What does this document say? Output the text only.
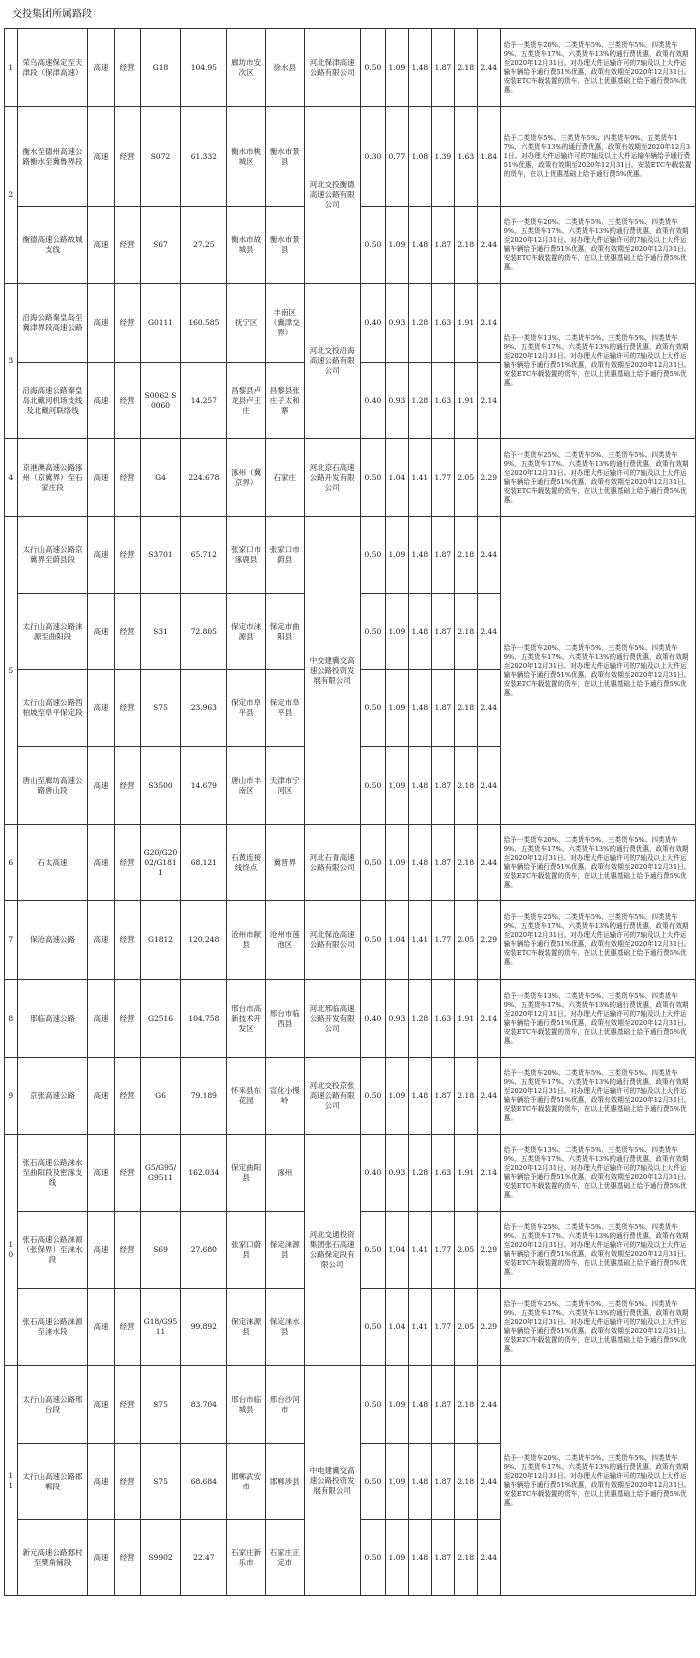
交投集团所属路段
1	荣乌高速保定至天津段（保津高速）	高速	经营	G18	104.95	廊坊市安次区	徐水县	河北保津高速公路有限公司	0.50	1.09	1.48	1.87	2.18	2.44	给予一类货车20%、二类货车5%、三类货车5%、四类货车9%、五类货车17%、六类货车13%的通行费优惠，政策有效期至2020年12月31日。对办理大件运输许可的7轴及以上大件运输车辆给予通行费51%优惠，政策有效期至2020年12月31日。安装ETC车载装置的货车，在以上优惠基础上给予通行费5%优惠。
2	衡水至德州高速公路衡水至冀鲁界段	高速	经营	S072	61.332	衡水市桃城区	衡水市景县	河北交投衡德高速公路有限公司	0.30	0.77	1.08	1.39	1.63	1.84	给予二类货车5%、三类货车5%、四类货车9%、五类货车17%、六类货车13%的通行费优惠，政策有效期至2020年12月31日。对办理大件运输许可的7轴及以上大件运输车辆给予通行费51%优惠，政策有效期至2020年12月31日。安装ETC车载装置的货车，在以上优惠基础上给予通行费5%优惠。
	衡德高速公路故城支线	高速	经营	S67	27.25	衡水市故城县	衡水市景县		0.50	1.09	1.48	1.87	2.18	2.44	给予一类货车20%、二类货车5%、三类货车5%、四类货车9%、五类货车17%、六类货车13%的通行费优惠，政策有效期至2020年12月31日。对办理大件运输许可的7轴及以上大件运输车辆给予通行费51%优惠，政策有效期至2020年12月31日。安装ETC车载装置的货车，在以上优惠基础上给予通行费5%优惠。
3	沿海公路秦皇岛至冀津界段高速公路	高速	经营	G0111	160.585	抚宁区	丰南区（冀津交界）	河北交投沿海高速公路有限公司	0.40	0.93	1.28	1.63	1.91	2.14	给予一类货车13%、二类货车5%、三类货车5%、四类货车9%、五类货车17%、六类货车13%的通行费优惠，政策有效期至2020年12月31日。对办理大件运输许可的7轴及以上大件运输车辆给予通行费51%优惠，政策有效期至2020年12月31日。安装ETC车载装置的货车，在以上优惠基础上给予通行费5%优惠。
	沿海高速公路秦皇岛北戴河机场支线及北戴河联络线	高速	经营	S0062 S0060	14.257	昌黎县卢龙县卢王庄	昌黎县张庄子太和寨		0.40	0.93	1.28	1.63	1.91	2.14	
4	京港澳高速公路涿州（京冀界）至石家庄段	高速	经营	G4	224.678	涿州（冀京界）	石家庄	河北京石高速公路开发有限公司	0.50	1.04	1.41	1.77	2.05	2.29	给予一类货车25%、二类货车5%、三类货车5%、四类货车9%、五类货车17%、六类货车13%的通行费优惠，政策有效期至2020年12月31日。对办理大件运输许可的7轴及以上大件运输车辆给予通行费51%优惠，政策有效期至2020年12月31日。安装ETC车载装置的货车，在以上优惠基础上给予通行费5%优惠。
5	太行山高速公路京冀界至蔚县段	高速	经营	S3701	65.712	张家口市涿鹿县	张家口市蔚县	中交建冀交高速公路投资发展有限公司	0.50	1.09	1.48	1.87	2.18	2.44	给予一类货车20%、二类货车5%、三类货车5%、四类货车9%、五类货车17%、六类货车13%的通行费优惠，政策有效期至2020年12月31日。对办理大件运输许可的7轴及以上大件运输车辆给予通行费51%优惠，政策有效期至2020年12月31日。安装ETC车载装置的货车，在以上优惠基础上给予通行费5%优惠。
	太行山高速公路涞源至曲阳段	高速	经营	S31	72.805	保定市涞源县	保定市曲阳县		0.50	1.09	1.48	1.87	2.18	2.44	
	太行山高速公路西柏坡至阜平保定段	高速	经营	S75	23.963	保定市阜平县	保定市阜平县		0.50	1.09	1.48	1.87	2.18	2.44	
	唐山至廊坊高速公路唐山段	高速	经营	S3500	14.679	唐山市丰南区	天津市宁河区		0.50	1.09	1.48	1.87	2.18	2.44	
6	石太高速	高速	经营	G20/G2002/G1811	68.121	石黄连接线终点	冀晋界	河北石青高速公路有限公司	0.50	1.09	1.48	1.87	2.18	2.44	给予一类货车20%、二类货车5%、三类货车5%、四类货车9%、五类货车17%、六类货车13%的通行费优惠，政策有效期至2020年12月31日。对办理大件运输许可的7轴及以上大件运输车辆给予通行费51%优惠，政策有效期至2020年12月31日。安装ETC车载装置的货车，在以上优惠基础上给予通行费5%优惠。
7	保沧高速公路	高速	经营	G1812	120.248	沧州市献县	沧州市莲池区	河北保沧高速公路有限公司	0.50	1.04	1.41	1.77	2.05	2.29	给予一类货车25%、二类货车5%、三类货车5%、四类货车9%、五类货车17%、六类货车13%的通行费优惠，政策有效期至2020年12月31日。对办理大件运输许可的7轴及以上大件运输车辆给予通行费51%优惠，政策有效期至2020年12月31日。安装ETC车载装置的货车，在以上优惠基础上给予通行费5%优惠。
8	邢临高速公路	高速	经营	G2516	104.758	邢台市高新技术开发区	邢台市临西县	河北邢临高速公路开发有限公司	0.40	0.93	1.28	1.63	1.91	2.14	给予一类货车13%、二类货车5%、三类货车5%、四类货车9%、五类货车17%、六类货车13%的通行费优惠，政策有效期至2020年12月31日。对办理大件运输许可的7轴及以上大件运输车辆给予通行费51%优惠，政策有效期至2020年12月31日。安装ETC车载装置的货车，在以上优惠基础上给予通行费5%优惠。
9	京张高速公路	高速	经营	G6	79.189	怀来县东花园	宣化小慢岭	河北交投京张高速公路有限公司	0.50	1.09	1.48	1.87	2.18	2.44	给予一类货车20%、二类货车5%、三类货车5%、四类货车9%、五类货车17%、六类货车13%的通行费优惠，政策有效期至2020年12月31日。对办理大件运输许可的7轴及以上大件运输车辆给予通行费51%优惠，政策有效期至2020年12月31日。安装ETC车载装置的货车，在以上优惠基础上给予通行费5%优惠。
10	张石高速公路涞水至曲阳段及密涿支线	高速	经营	G5/G95/G9511	162.034	保定曲阳县	涿州	河北交通投资集团张石高速公路保定段有限公司	0.40	0.93	1.28	1.63	1.91	2.14	给予一类货车13%、二类货车5%、三类货车5%、四类货车9%、五类货车17%、六类货车13%的通行费优惠，政策有效期至2020年12月31日。对办理大件运输许可的7轴及以上大件运输车辆给予通行费51%优惠，政策有效期至2020年12月31日。安装ETC车载装置的货车，在以上优惠基础上给予通行费5%优惠。
	张石高速公路涞源（张保界）至涞水段	高速	经营	S69	27.680	张家口蔚县	保定涞源县		0.50	1.04	1.41	1.77	2.05	2.29	给予一类货车25%、二类货车5%、三类货车5%、四类货车9%、五类货车17%、六类货车13%的通行费优惠，政策有效期至2020年12月31日。对办理大件运输许可的7轴及以上大件运输车辆给予通行费51%优惠，政策有效期至2020年12月31日。安装ETC车载装置的货车，在以上优惠基础上给予通行费5%优惠。
	张石高速公路涞源至涞水段	高速	经营	G18/G9511	99.892	保定涞源县	保定涞水县		0.50	1.04	1.41	1.77	2.05	2.29	给予一类货车25%、二类货车5%、三类货车5%、四类货车9%、五类货车17%、六类货车13%的通行费优惠，政策有效期至2020年12月31日。对办理大件运输许可的7轴及以上大件运输车辆给予通行费51%优惠，政策有效期至2020年12月31日。安装ETC车载装置的货车，在以上优惠基础上给予通行费5%优惠。
11	太行山高速公路邢台段	高速	经营	S75	83.704	邢台市临城县	邢台沙河市	中电建冀交高速公路投资发展有限公司	0.50	1.09	1.48	1.87	2.18	2.44	给予一类货车20%、二类货车5%、三类货车5%、四类货车9%、五类货车17%、六类货车13%的通行费优惠，政策有效期至2020年12月31日。对办理大件运输许可的7轴及以上大件运输车辆给予通行费51%优惠，政策有效期至2020年12月31日。安装ETC车载装置的货车，在以上优惠基础上给予通行费5%优惠。
	太行山高速公路邯郸段	高速	经营	S75	68.684	邯郸武安市	邯郸涉县		0.50	1.09	1.48	1.87	2.18	2.44	
	新元高速公路郄村至樊角铺段	高速	经营	S9902	22.47	石家庄新乐市	石家庄正定市		0.50	1.09	1.48	1.87	2.18	2.44	
